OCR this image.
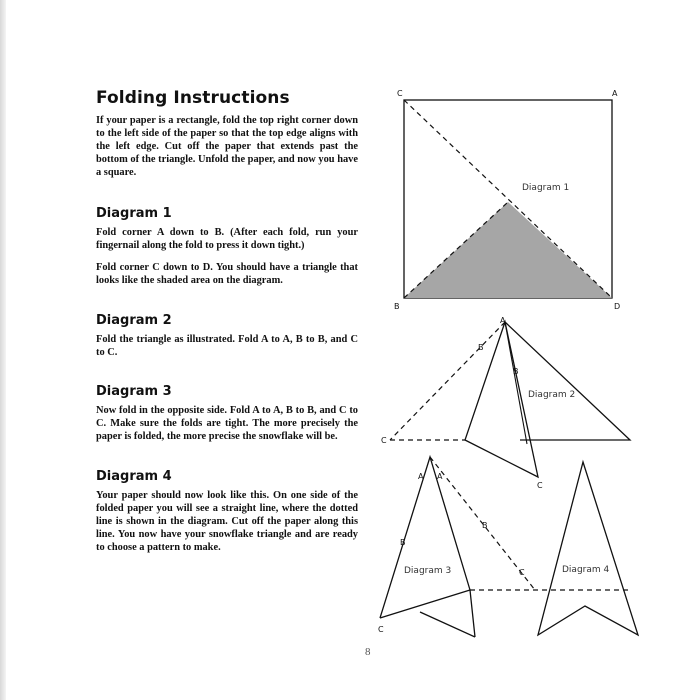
Folding Instructions

If your paper is a rectangle, fold the top right corner down to the left side of the paper so that the top edge aligns with the left edge. Cut off the paper that extends past the bottom of the triangle. Unfold the paper, and now you have a square.

Diagram 1

Fold corner A down to B. (After each fold, run your fingernail along the fold to press it down tight.)

Fold corner C down to D. You should have a triangle that looks like the shaded area on the diagram.

Diagram 2

Fold the triangle as illustrated. Fold A to A, B to B, and C to C.

Diagram 3

Now fold in the opposite side. Fold A to A, B to B, and C to C. Make sure the folds are tight. The more precisely the paper is folded, the more precise the snowflake will be.

Diagram 4

Your paper should now look like this. On one side of the folded paper you will see a straight line, where the dotted line is shown in the diagram. Cut off the paper along this line. You now have your snowflake triangle and are ready to choose a pattern to make.

C	A
B	D
Diagram 1
A
B
B
C
C
Diagram 2
A
B
C
A
B
C
Diagram 3	Diagram 4
8
